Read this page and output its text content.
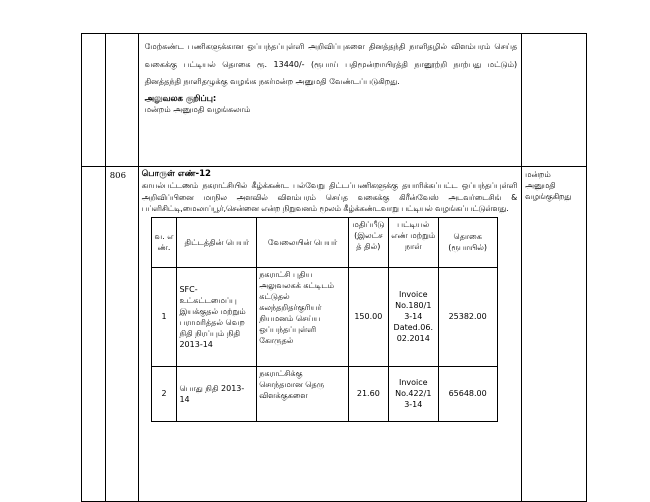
மேற்கண்ட பணிகளுக்கான ஒப்பந்தப்புள்ளி அறிவிப்புகளை தினத்தந்தி நாளிதழில் விளம்பரம் செய்த வகைக்கு பட்டியல் தொகை ரூ. 13440/- (ரூபாய் பதிமூன்றாயிரத்தி நானூற்றி நாற்பது மட்டும்) தினத்தந்தி நாளிதழுக்கு வழங்க நகர்மன்ற அனுமதி வேண்டப்படுகிறது.
அலுவலக குறிப்பு:
மன்றம் அனுமதி வழங்கலாம்

	806	பொருள் எண்-12
காயல்பட்டணம் நகராட்சியில் கீழ்க்கண்ட பல்வேறு திட்டப்பணிகளுக்கு தயாரிக்கப்பட்ட ஒப்பந்தப்புள்ளி அறிவிப்பினை மாநில அளவில் விளம்பரம் செய்த வகைக்கு கிரீன்வேஸ் அடவர்டைசிங் & பப்ளிசிட்டி,மைலாப்பூர்,சென்னை என்ற நிறுவனம் மூலம் கீழ்க்கண்டவாறு பட்டியல் வழங்கப்பட்டுள்ளது.
வ. எ ண்.	திட்டத்தின் பெயர்	வேலையின் பெயர்	மதிப்பீடு (இலட்ச த் தில்)	பட்டியல் எண் மற்றும் நாள்	தொகை (ரூபாயில்)
1	SFC- உட்கட்டமைப்பு இயக்குதல் மற்றும் பராமரித்தல் வெற நிதி நிரப்பும் நிதி 2013-14	நகராட்சி புதிய அலுவலகக் கட்டிடம் கட்டுதல் கலந்தறிதர்குரியர் நியமனம் செய்ய ஒப்பந்தப்புள்ளி கோருதல்	150.00	Invoice No.180/1 3-14 Dated.06. 02.2014	25382.00
2	பொது நிதி 2013-14	நகராட்சிக்கு சொந்தமான தெரு விளக்குகளை	21.60	Invoice No.422/1 3-14	65648.00
	மன்றம் அனுமதி வழங்குகிறது
